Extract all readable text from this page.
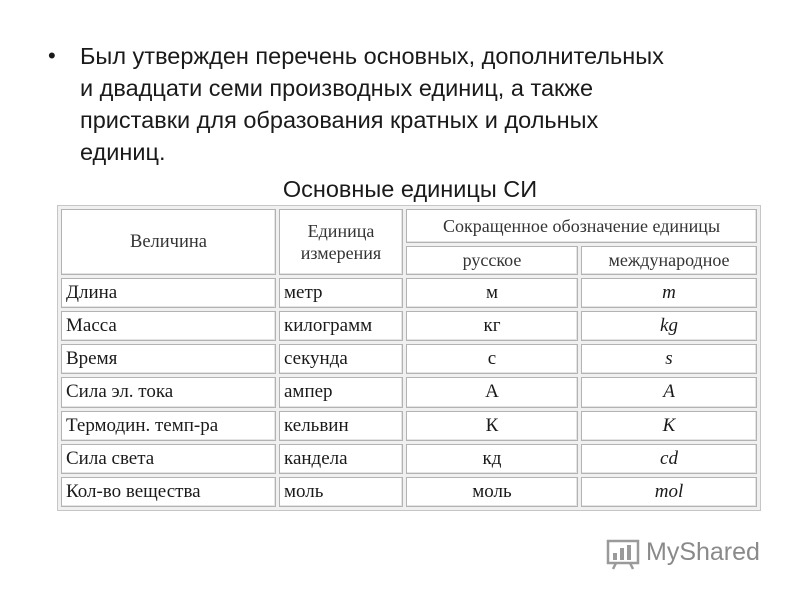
• Был утвержден перечень основных, дополнительных
и двадцати семи производных единиц, а также
приставки для образования кратных и дольных
единиц.
Основные единицы СИ
Величина	Единица измерения	Сокращенное обозначение единицы	
		русское	международное
Длина	метр	м	m
Масса	килограмм	кг	kg
Время	секунда	с	s
Сила эл. тока	ампер	А	A
Термодин. темп-ра	кельвин	К	K
Сила света	кандела	кд	cd
Кол-во вещества	моль	моль	mol
MyShared
